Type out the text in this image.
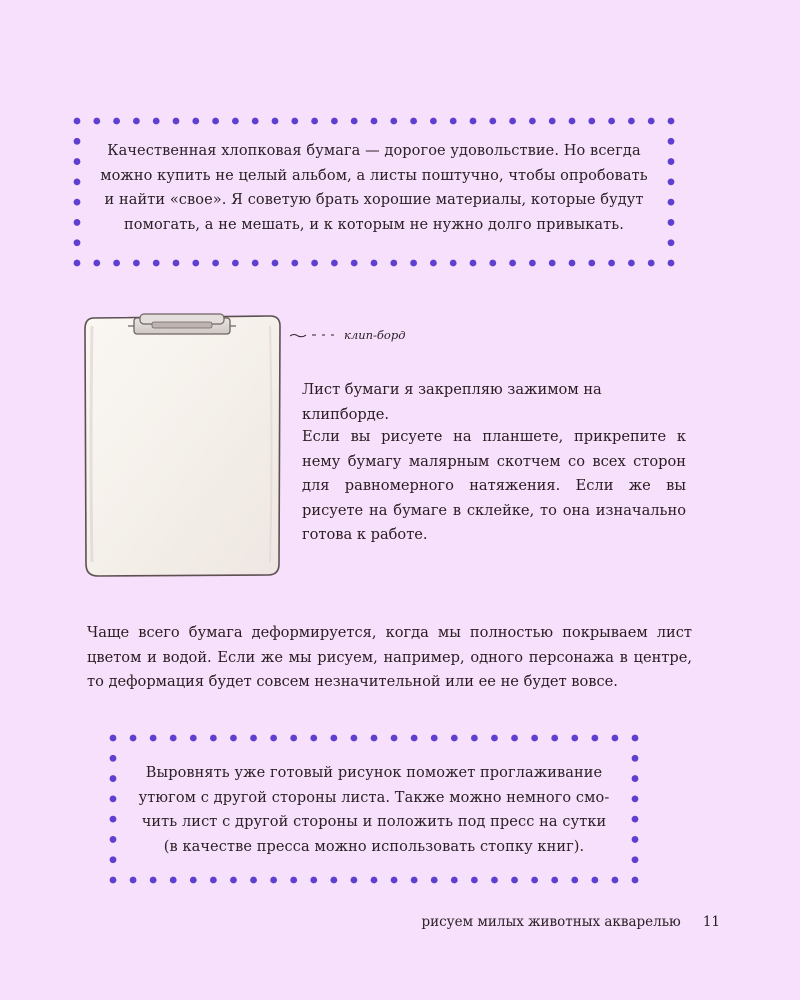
Качественная хлопковая бумага — дорогое удовольствие. Но всегда
можно купить не целый альбом, а листы поштучно, чтобы опробовать
и найти «свое». Я советую брать хорошие материалы, которые будут
помогать, а не мешать, и к которым не нужно долго привыкать.
клип-борд
Лист бумаги я закрепляю зажимом на клипборде.
Если вы рисуете на планшете, прикрепите к нему бумагу малярным скотчем со всех сторон для равномерного натяжения. Если же вы рисуете на бумаге в склейке, то она изначально готова к работе.
Чаще всего бумага деформируется, когда мы полностью покрываем лист цветом и водой. Если же мы рисуем, например, одного персонажа в центре, то деформация будет совсем незначительной или ее не будет вовсе.
Выровнять уже готовый рисунок поможет проглаживание
утюгом с другой стороны листа. Также можно немного смо-
чить лист с другой стороны и положить под пресс на сутки
(в качестве пресса можно использовать стопку книг).
рисуем милых животных акварелью 11
